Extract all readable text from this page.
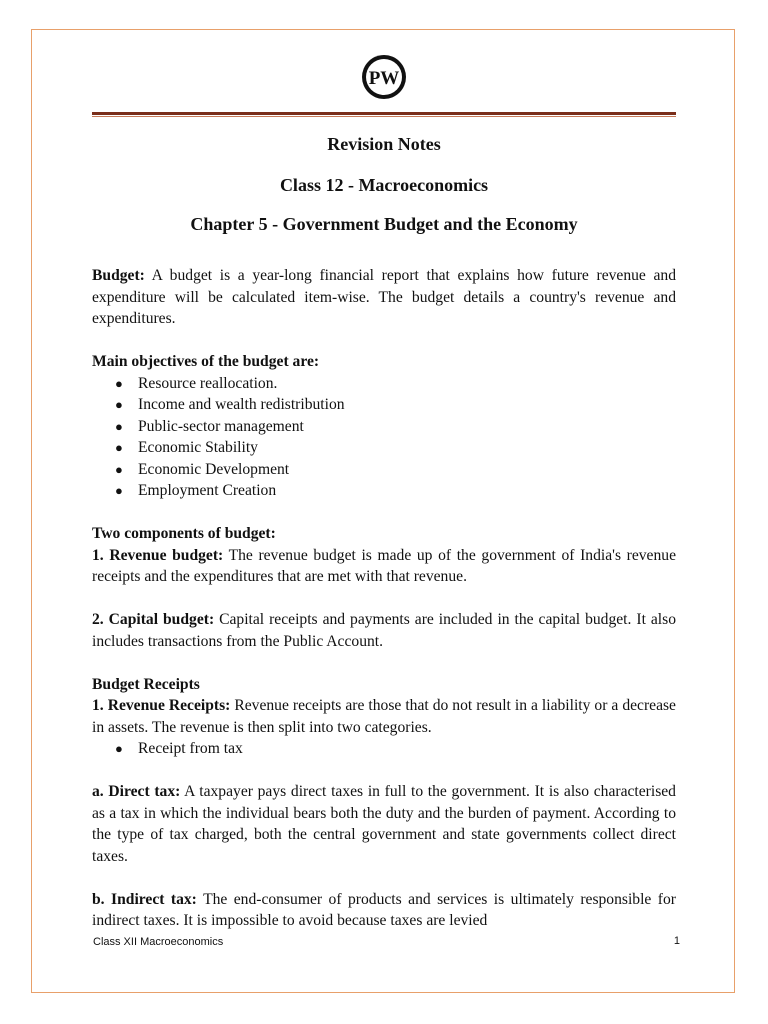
PW
Revision Notes
Class 12 - Macroeconomics
Chapter 5 - Government Budget and the Economy

Budget: A budget is a year-long financial report that explains how future revenue and expenditure will be calculated item-wise. The budget details a country's revenue and expenditures.

Main objectives of the budget are:
● Resource reallocation.
● Income and wealth redistribution
● Public-sector management
● Economic Stability
● Economic Development
● Employment Creation
Two components of budget:

1. Revenue budget: The revenue budget is made up of the government of India's revenue receipts and the expenditures that are met with that revenue.

2. Capital budget: Capital receipts and payments are included in the capital budget. It also includes transactions from the Public Account.

Budget Receipts

1. Revenue Receipts: Revenue receipts are those that do not result in a liability or a decrease in assets. The revenue is then split into two categories.

● Receipt from tax

a. Direct tax: A taxpayer pays direct taxes in full to the government. It is also characterised as a tax in which the individual bears both the duty and the burden of payment. According to the type of tax charged, both the central government and state governments collect direct taxes.

b. Indirect tax: The end-consumer of products and services is ultimately responsible for indirect taxes. It is impossible to avoid because taxes are levied

Class XII Macroeconomics	1
